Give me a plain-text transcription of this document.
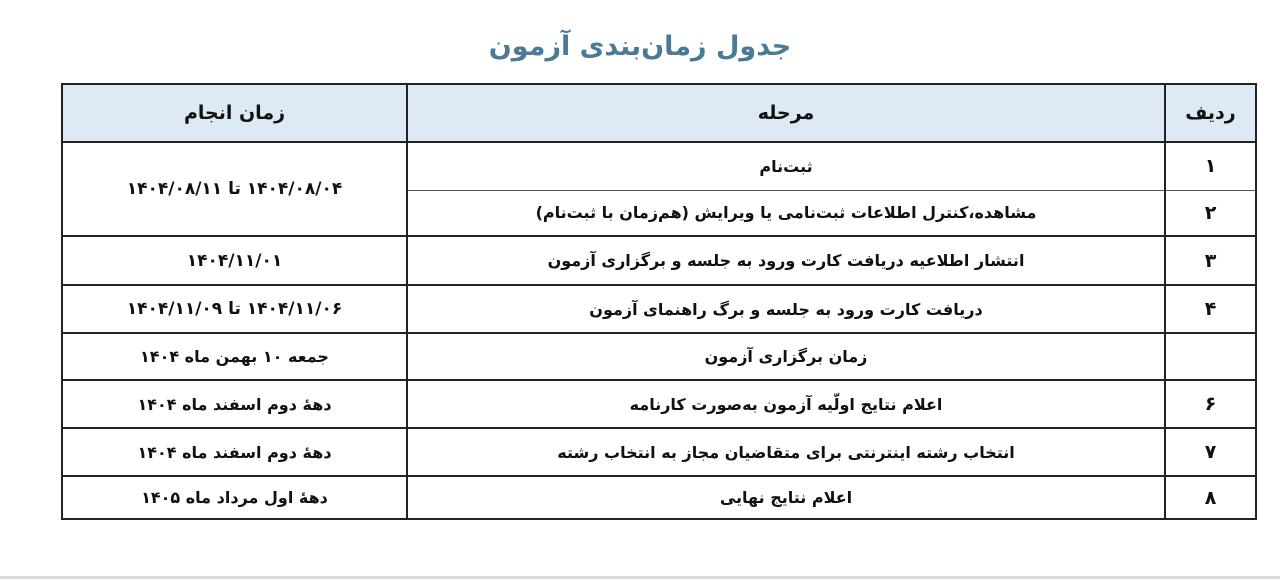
جدول زمان‌بندی آزمون
ردیف	مرحله	زمان انجام
۱	ثبت‌نام	۱۴۰۴/۰۸/۰۴ تا ۱۴۰۴/۰۸/۱۱
۲	مشاهده،کنترل اطلاعات ثبت‌نامی یا ویرایش (هم‌زمان با ثبت‌نام)	
۳	انتشار اطلاعیه دریافت کارت ورود به جلسه و برگزاری آزمون	۱۴۰۴/۱۱/۰۱
۴	دریافت کارت ورود به جلسه و برگ راهنمای آزمون	۱۴۰۴/۱۱/۰۶ تا ۱۴۰۴/۱۱/۰۹
	زمان برگزاری آزمون	جمعه ۱۰ بهمن ماه ۱۴۰۴
۶	اعلام نتایج اولّیه آزمون به‌صورت کارنامه	دهۀ دوم اسفند ماه ۱۴۰۴
۷	انتخاب رشته اینترنتی برای متقاضیان مجاز به انتخاب رشته	دهۀ دوم اسفند ماه ۱۴۰۴
۸	اعلام نتایج نهایی	دهۀ اول مرداد ماه ۱۴۰۵
